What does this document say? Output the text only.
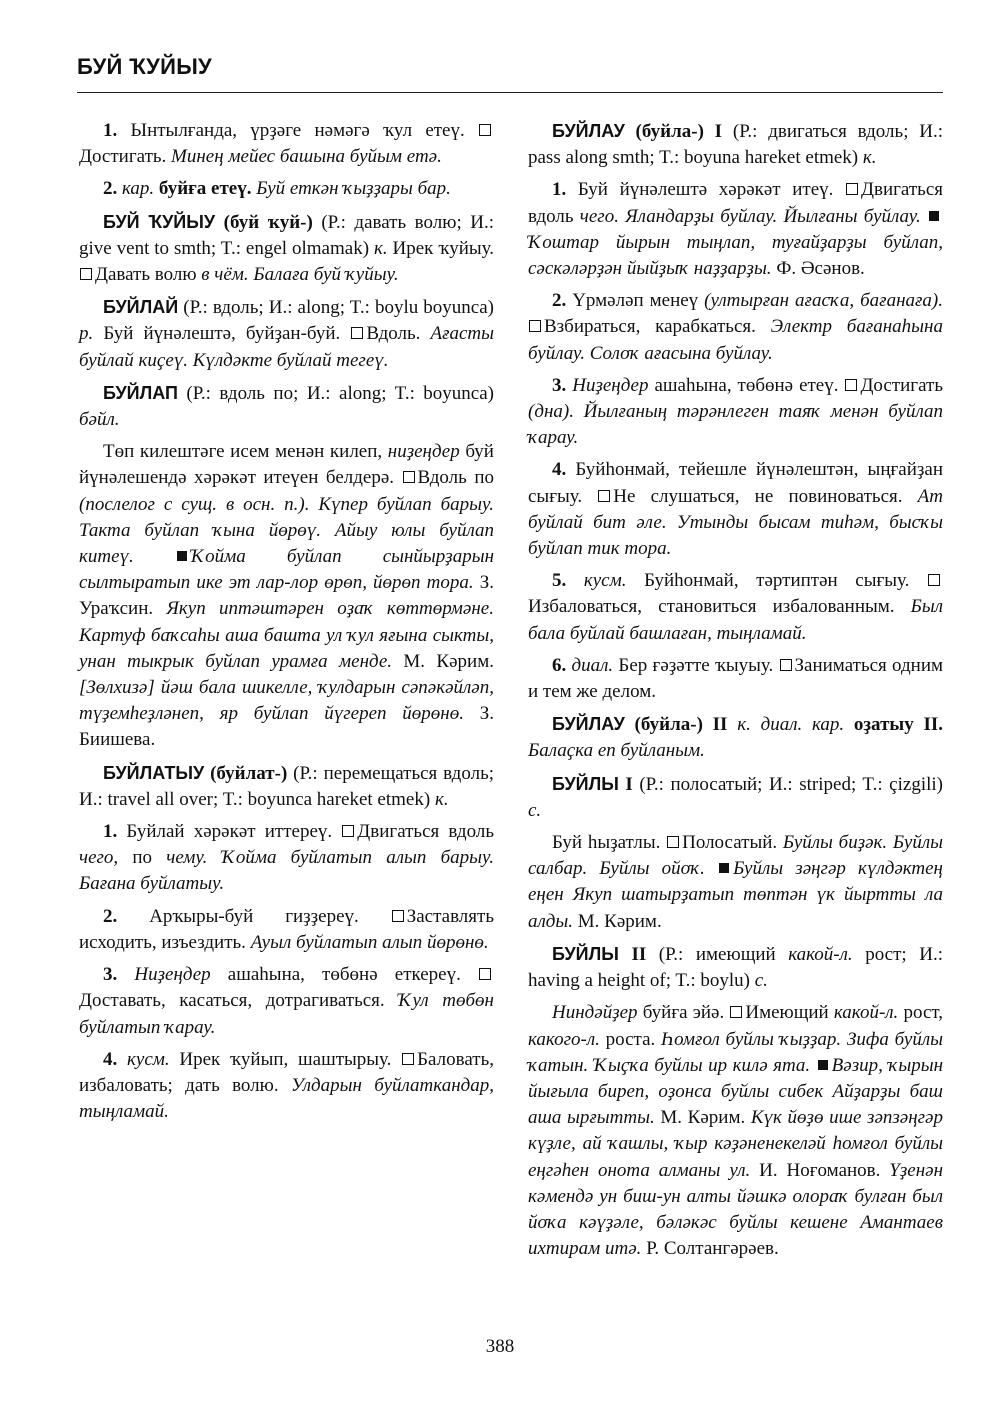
БУЙ ҠУЙЫУ

1. Ынтылғанда, үрҙәге нәмәгә ҡул етеү. Достигать. Минең мейес башына буйым етә.

2. кар. буйға етеү. Буй еткән ҡыҙҙары бар.

БУЙ ҠУЙЫУ (буй ҡуй-) (Р.: давать волю; И.: give vent to smth; T.: engel olmamak) к. Ирек ҡуйыу. Давать волю в чём. Балаға буй ҡуйыу.

БУЙЛАЙ (Р.: вдоль; И.: along; T.: boylu boyunca) р. Буй йүнәлештә, буйҙан-буй. Вдоль. Ағасты буйлай киҫеү. Күлдәкте буйлай тегеү.

БУЙЛАП (Р.: вдоль по; И.: along; T.: boyunca) бәйл.

Төп килештәге исем менән килеп, ниҙеңдер буй йүнәлешендә хәрәкәт итеүен белдерә. Вдоль по (послелог с сущ. в осн. п.). Күпер буйлап барыу. Такта буйлап ҡына йөрөү. Айыу юлы буйлап китеү.	Ҡойма буйлап сынйырҙарын сылтыратып ике эт лар-лор өрөп, йөрөп тора. З. Ураҡсин. Якуп иптәштәрен оҙаҡ көттөрмәне. Картуф баҡсаһы аша башта ул ҡул яғына сыкты, унан тыкрык буйлап урамға менде. М. Кәрим. [Зөлхизә] йәш бала шикелле, ҡулдарын сәпәкәйләп, түҙемһеҙләнеп, яр буйлап йүгереп йөрөнө. З. Биишева.

БУЙЛАТЫУ (буйлат-) (Р.: перемещаться вдоль; И.: travel all over; T.: boyunca hareket etmek) к.

1. Буйлай хәрәкәт иттереү. Двигаться вдоль чего, по чему. Ҡойма буйлатып алып барыу. Бағана буйлатыу.

2. Арҡыры-буй гиҙҙереү. Заставлять исходить, изъездить. Ауыл буйлатып алып йөрөнө.

3. Ниҙеңдер ашаһына, төбөнә еткереү. Доставать, касаться, дотрагиваться. Ҡул төбөн буйлатып ҡарау.

4. кусм. Ирек ҡуйып, шаштырыу. Баловать, избаловать; дать волю. Улдарын буйлаткандар, тыңламай.

БУЙЛАУ (буйла-) I (Р.: двигаться вдоль; И.: pass along smth; T.: boyuna hareket etmek) к.

1. Буй йүнәлештә хәрәкәт итеү. Двигаться вдоль чего. Яландарҙы буйлау. Йылғаны буйлау. Ҡоштар йырын тыңлап, туғайҙарҙы буйлап, сәскәләрҙән йыйҙыҡ наҙҙарҙы. Ф. Әсәнов.

2. Үрмәләп менеү (ултырған ағасҡа, бағанаға). Взбираться, карабкаться. Электр бағанаһына буйлау. Солоҡ ағасына буйлау.

3. Ниҙеңдер ашаһына, төбөнә етеү. Достигать (дна). Йылғаның тәрәнлеген таяҡ менән буйлап ҡарау.

4. Буйһонмай, тейешле йүнәлештән, ыңғайҙан сығыу. Не слушаться, не повиноваться. Ат буйлай бит әле. Утынды бысам тиһәм, бысҡы буйлап тик тора.

5. кусм. Буйһонмай, тәртиптән сығыу. Избаловаться, становиться избалованным. Был бала буйлай башлаған, тыңламай.

6. диал. Бер ғәҙәтте ҡыуыу. Заниматься одним и тем же делом.

БУЙЛАУ (буйла-) II к. диал. кар. оҙатыу II. Балаҫка еп буйланым.

БУЙЛЫ I (Р.: полосатый; И.: striped; T.: çizgili) с.

Буй һыҙатлы. Полосатый. Буйлы биҙәк. Буйлы салбар. Буйлы ойоҡ. Буйлы зәңгәр күлдәктең еңен Якуп шатырҙатып төптән үк йыртты ла алды. М. Кәрим.

БУЙЛЫ II (Р.: имеющий какой-л. рост; И.: having a height of; T.: boylu) с.

Ниндәйҙер буйға эйә. Имеющий какой-л. рост, какого-л. роста. Һомғол буйлы ҡыҙҙар. Зифа буйлы ҡатын. Ҡыҫҡа буйлы ир килә ята. Вәзир, ҡырын йығыла биреп, оҙонса буйлы сибек Айҙарҙы баш аша ырғытты. М. Кәрим. Күк йөҙө ише зәпзәңгәр күҙле, ай ҡашлы, ҡыр кәҙәненекеләй һомғол буйлы еңгәһен онота алманы ул. И. Ноғоманов. Үҙенән кәмендә ун биш-ун алты йәшкә олораҡ булған был йоҡа кәүҙәле, бәләкәс буйлы кешене Амантаев ихтирам итә. Р. Солтангәрәев.

388
